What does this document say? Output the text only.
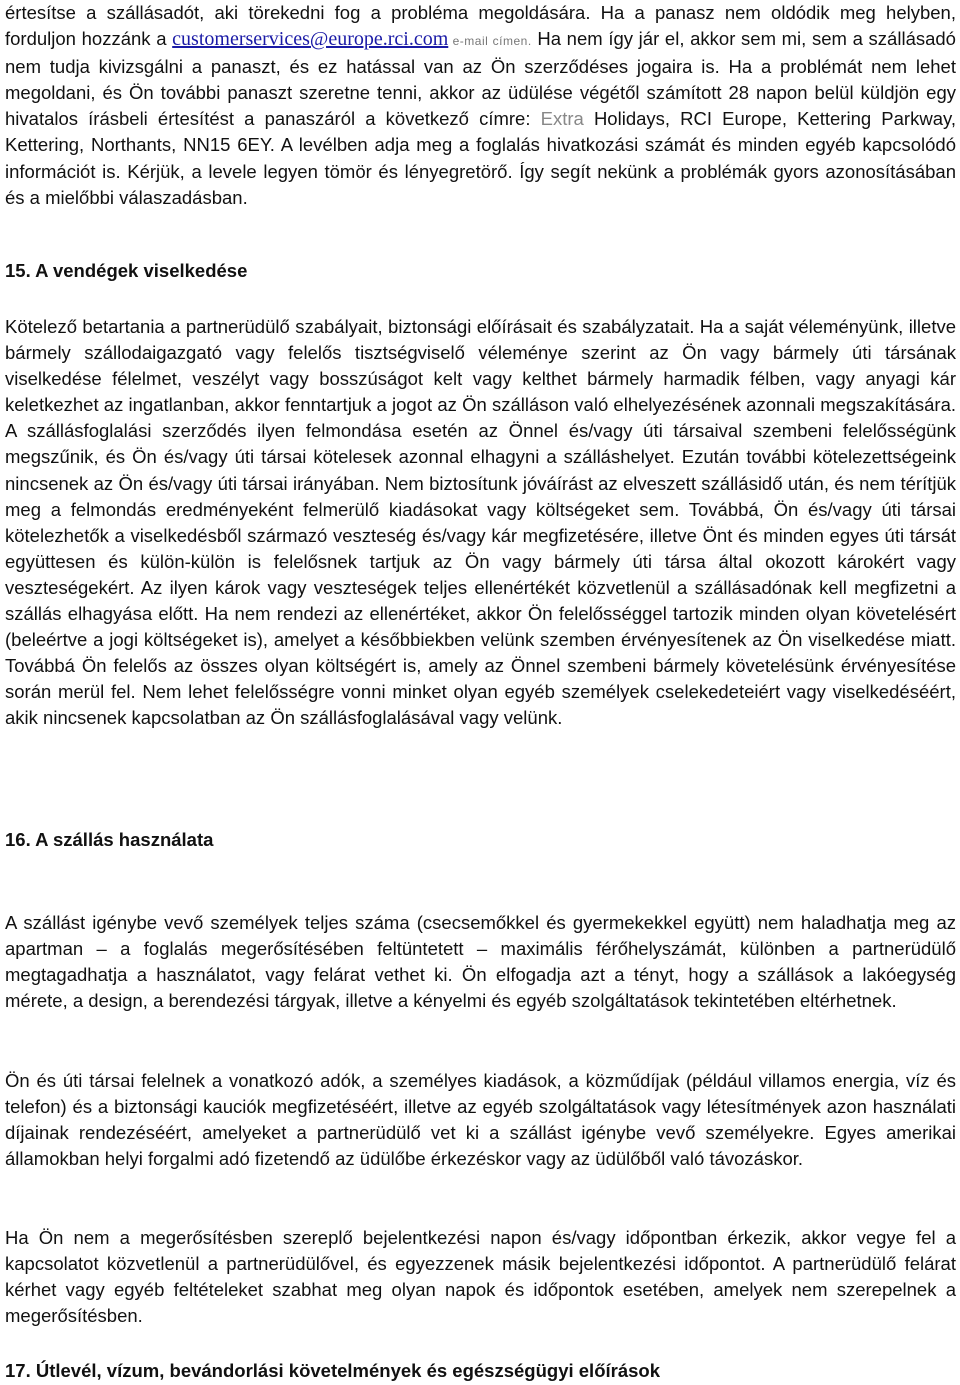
értesítse a szállásadót, aki törekedni fog a probléma megoldására. Ha a panasz nem oldódik meg helyben, forduljon hozzánk a customerservices@europe.rci.com e-mail címen. Ha nem így jár el, akkor sem mi, sem a szállásadó nem tudja kivizsgálni a panaszt, és ez hatással van az Ön szerződéses jogaira is. Ha a problémát nem lehet megoldani, és Ön további panaszt szeretne tenni, akkor az üdülése végétől számított 28 napon belül küldjön egy hivatalos írásbeli értesítést a panaszáról a következő címre: Extra Holidays, RCI Europe, Kettering Parkway, Kettering, Northants, NN15 6EY. A levélben adja meg a foglalás hivatkozási számát és minden egyéb kapcsolódó információt is. Kérjük, a levele legyen tömör és lényegretörő. Így segít nekünk a problémák gyors azonosításában és a mielőbbi válaszadásban.

15. A vendégek viselkedése

Kötelező betartania a partnerüdülő szabályait, biztonsági előírásait és szabályzatait. Ha a saját véleményünk, illetve bármely szállodaigazgató vagy felelős tisztségviselő véleménye szerint az Ön vagy bármely úti társának viselkedése félelmet, veszélyt vagy bosszúságot kelt vagy kelthet bármely harmadik félben, vagy anyagi kár keletkezhet az ingatlanban, akkor fenntartjuk a jogot az Ön szálláson való elhelyezésének azonnali megszakítására. A szállásfoglalási szerződés ilyen felmondása esetén az Önnel és/vagy úti társaival szembeni felelősségünk megszűnik, és Ön és/vagy úti társai kötelesek azonnal elhagyni a szálláshelyet. Ezután további kötelezettségeink nincsenek az Ön és/vagy úti társai irányában. Nem biztosítunk jóváírást az elveszett szállásidő után, és nem térítjük meg a felmondás eredményeként felmerülő kiadásokat vagy költségeket sem. Továbbá, Ön és/vagy úti társai kötelezhetők a viselkedésből származó veszteség és/vagy kár megfizetésére, illetve Önt és minden egyes úti társát együttesen és külön-külön is felelősnek tartjuk az Ön vagy bármely úti társa által okozott károkért vagy veszteségekért. Az ilyen károk vagy veszteségek teljes ellenértékét közvetlenül a szállásadónak kell megfizetni a szállás elhagyása előtt. Ha nem rendezi az ellenértéket, akkor Ön felelősséggel tartozik minden olyan követelésért (beleértve a jogi költségeket is), amelyet a későbbiekben velünk szemben érvényesítenek az Ön viselkedése miatt. Továbbá Ön felelős az összes olyan költségért is, amely az Önnel szembeni bármely követelésünk érvényesítése során merül fel. Nem lehet felelősségre vonni minket olyan egyéb személyek cselekedeteiért vagy viselkedéséért, akik nincsenek kapcsolatban az Ön szállásfoglalásával vagy velünk.

16. A szállás használata

A szállást igénybe vevő személyek teljes száma (csecsemőkkel és gyermekekkel együtt) nem haladhatja meg az apartman – a foglalás megerősítésében feltüntetett – maximális férőhelyszámát, különben a partnerüdülő megtagadhatja a használatot, vagy felárat vethet ki. Ön elfogadja azt a tényt, hogy a szállások a lakóegység mérete, a design, a berendezési tárgyak, illetve a kényelmi és egyéb szolgáltatások tekintetében eltérhetnek.

Ön és úti társai felelnek a vonatkozó adók, a személyes kiadások, a közműdíjak (például villamos energia, víz és telefon) és a biztonsági kauciók megfizetéséért, illetve az egyéb szolgáltatások vagy létesítmények azon használati díjainak rendezéséért, amelyeket a partnerüdülő vet ki a szállást igénybe vevő személyekre. Egyes amerikai államokban helyi forgalmi adó fizetendő az üdülőbe érkezéskor vagy az üdülőből való távozáskor.

Ha Ön nem a megerősítésben szereplő bejelentkezési napon és/vagy időpontban érkezik, akkor vegye fel a kapcsolatot közvetlenül a partnerüdülővel, és egyezzenek másik bejelentkezési időpontot. A partnerüdülő felárat kérhet vagy egyéb feltételeket szabhat meg olyan napok és időpontok esetében, amelyek nem szerepelnek a megerősítésben.

17. Útlevél, vízum, bevándorlási követelmények és egészségügyi előírások
